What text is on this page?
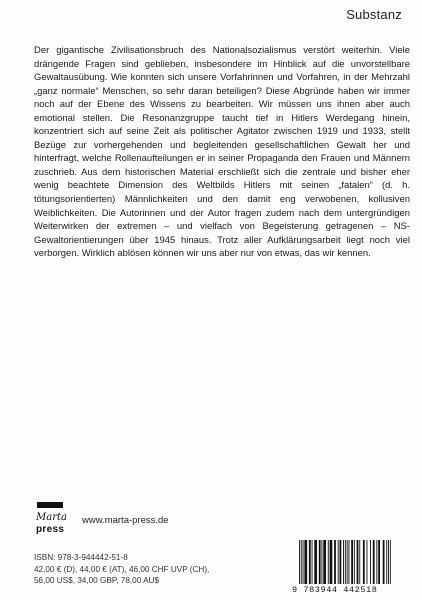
Substanz

Der gigantische Zivilisationsbruch des Nationalsozialismus verstört weiterhin. Viele drängende Fragen sind geblieben, insbesondere im Hinblick auf die unvorstellbare Gewaltausübung. Wie konnten sich unsere Vorfahrinnen und Vorfahren, in der Mehrzahl „ganz normale“ Menschen, so sehr daran beteiligen? Diese Abgründe haben wir immer noch auf der Ebene des Wissens zu bearbeiten. Wir müssen uns ihnen aber auch emotional stellen. Die Resonanzgruppe taucht tief in Hitlers Werdegang hinein, konzentriert sich auf seine Zeit als politischer Agitator zwischen 1919 und 1933, stellt Bezüge zur vorhergehenden und begleitenden gesellschaftlichen Gewalt her und hinterfragt, welche Rollenaufteilungen er in seiner Propaganda den Frauen und Männern zuschrieb. Aus dem historischen Material erschließt sich die zentrale und bisher eher wenig beachtete Dimension des Weltbilds Hitlers mit seinen „fatalen“ (d. h. tötungsorientierten) Männlichkeiten und den damit eng verwobenen, kollusiven Weiblichkeiten. Die Autorinnen und der Autor fragen zudem nach dem untergründigen Weiterwirken der extremen – und vielfach von Begeisterung getragenen – NS-Gewaltorientierungen über 1945 hinaus. Trotz aller Aufklärungsarbeit liegt noch viel verborgen. Wirklich ablösen können wir uns aber nur von etwas, das wir kennen.

Marta
press
www.marta-press.de
ISBN: 978-3-944442-51-8
42,00 € (D), 44,00 € (AT), 46,00 CHF UVP (CH),
56,00 US$, 34,00 GBP, 78,00 AU$
9 783944 442518
